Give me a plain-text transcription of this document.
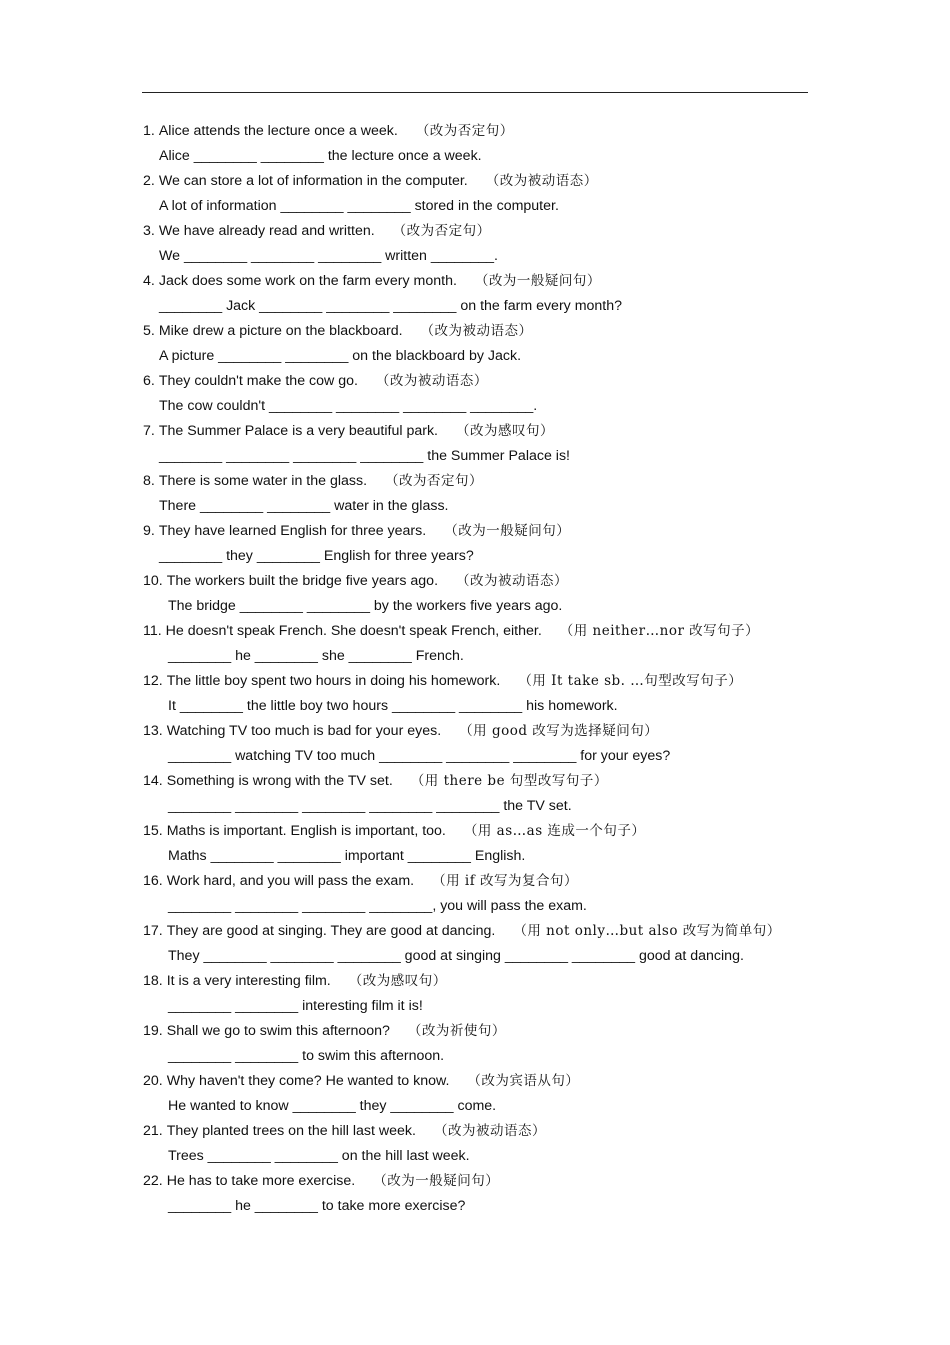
1. Alice attends the lecture once a week. （改为否定句）
Alice ________ ________ the lecture once a week.
2. We can store a lot of information in the computer. （改为被动语态）
A lot of information ________ ________ stored in the computer.
3. We have already read and written. （改为否定句）
We ________ ________ ________ written ________.
4. Jack does some work on the farm every month. （改为一般疑问句）
________ Jack ________ ________ ________ on the farm every month?
5. Mike drew a picture on the blackboard. （改为被动语态）
A picture ________ ________ on the blackboard by Jack.
6. They couldn't make the cow go. （改为被动语态）
The cow couldn't ________ ________ ________ ________.
7. The Summer Palace is a very beautiful park. （改为感叹句）
________ ________ ________ ________ the Summer Palace is!
8. There is some water in the glass. （改为否定句）
There ________ ________ water in the glass.
9. They have learned English for three years. （改为一般疑问句）
________ they ________ English for three years?
10. The workers built the bridge five years ago. （改为被动语态）
The bridge ________ ________ by the workers five years ago.
11. He doesn't speak French. She doesn't speak French, either. （用 neither…nor 改写句子）
________ he ________ she ________ French.
12. The little boy spent two hours in doing his homework. （用 It take sb. …句型改写句子）
It ________ the little boy two hours ________ ________ his homework.
13. Watching TV too much is bad for your eyes. （用 good 改写为选择疑问句）
________ watching TV too much ________ ________ ________ for your eyes?
14. Something is wrong with the TV set. （用 there be 句型改写句子）
________ ________ ________ ________ ________ the TV set.
15. Maths is important. English is important, too. （用 as…as 连成一个句子）
Maths ________ ________ important ________ English.
16. Work hard, and you will pass the exam. （用 if 改写为复合句）
________ ________ ________ ________, you will pass the exam.
17. They are good at singing. They are good at dancing. （用 not only…but also 改写为简单句）
They ________ ________ ________ good at singing ________ ________ good at dancing.
18. It is a very interesting film. （改为感叹句）
________ ________ interesting film it is!
19. Shall we go to swim this afternoon? （改为祈使句）
________ ________ to swim this afternoon.
20. Why haven't they come? He wanted to know. （改为宾语从句）
He wanted to know ________ they ________ come.
21. They planted trees on the hill last week. （改为被动语态）
Trees ________ ________ on the hill last week.
22. He has to take more exercise. （改为一般疑问句）
________ he ________ to take more exercise?
